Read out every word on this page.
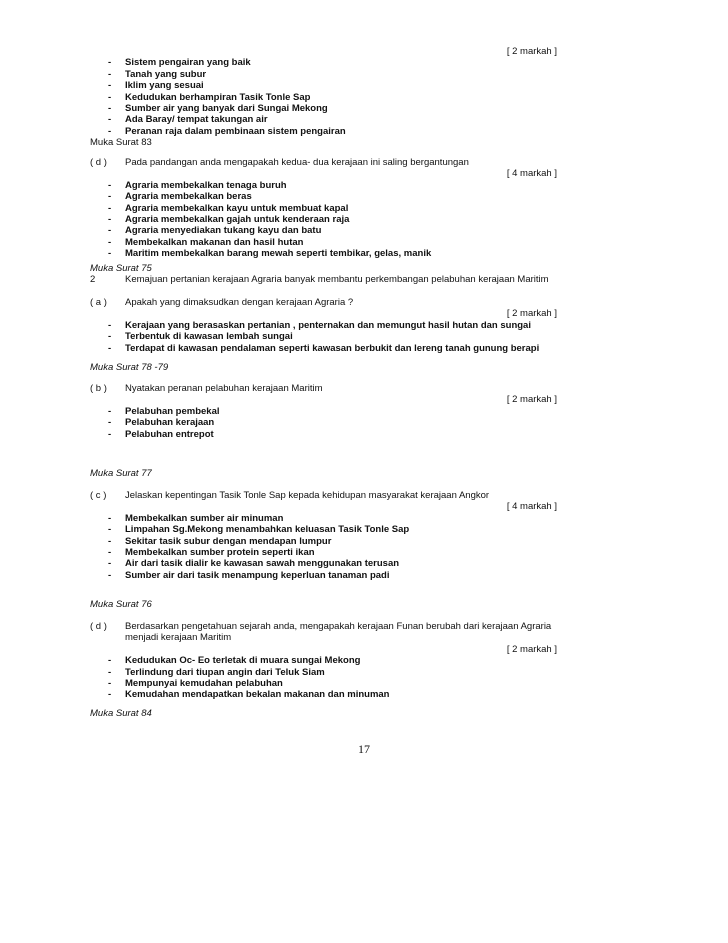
[ 2 markah ]
- Sistem pengairan yang baik
- Tanah yang subur
- Iklim yang sesuai
- Kedudukan berhampiran Tasik Tonle Sap
- Sumber air yang banyak dari Sungai Mekong
- Ada Baray/ tempat takungan air
- Peranan raja dalam pembinaan sistem pengairan
Muka Surat 83
( d ) Pada pandangan anda mengapakah kedua- dua kerajaan ini saling bergantungan
[ 4 markah ]
- Agraria membekalkan tenaga buruh
- Agraria membekalkan beras
- Agraria membekalkan kayu untuk membuat kapal
- Agraria membekalkan gajah untuk kenderaan raja
- Agraria menyediakan tukang kayu dan batu
- Membekalkan makanan dan hasil hutan
- Maritim membekalkan barang mewah seperti tembikar, gelas, manik
Muka Surat 75
2	Kemajuan pertanian kerajaan Agraria banyak membantu perkembangan pelabuhan kerajaan Maritim
( a ) Apakah yang dimaksudkan dengan kerajaan Agraria ?
[ 2 markah ]
- Kerajaan yang berasaskan pertanian , penternakan dan memungut hasil hutan dan sungai
- Terbentuk di kawasan lembah sungai
- Terdapat di kawasan pendalaman seperti kawasan berbukit dan lereng tanah gunung berapi
Muka Surat 78 -79
( b ) Nyatakan peranan pelabuhan kerajaan Maritim
[ 2 markah ]
- Pelabuhan pembekal
- Pelabuhan kerajaan
- Pelabuhan entrepot
Muka Surat 77
( c ) Jelaskan kepentingan Tasik Tonle Sap kepada kehidupan masyarakat kerajaan Angkor
[ 4 markah ]
- Membekalkan sumber air minuman
- Limpahan Sg.Mekong menambahkan keluasan Tasik Tonle Sap
- Sekitar tasik subur dengan mendapan lumpur
- Membekalkan sumber protein seperti ikan
- Air dari tasik dialir ke kawasan sawah menggunakan terusan
- Sumber air dari tasik menampung keperluan tanaman padi
Muka Surat 76
( d ) Berdasarkan pengetahuan sejarah anda, mengapakah kerajaan Funan berubah dari kerajaan Agraria
menjadi kerajaan Maritim
[ 2 markah ]
- Kedudukan Oc- Eo terletak di muara sungai Mekong
- Terlindung dari tiupan angin dari Teluk Siam
- Mempunyai kemudahan pelabuhan
- Kemudahan mendapatkan bekalan makanan dan minuman
Muka Surat 84
17
